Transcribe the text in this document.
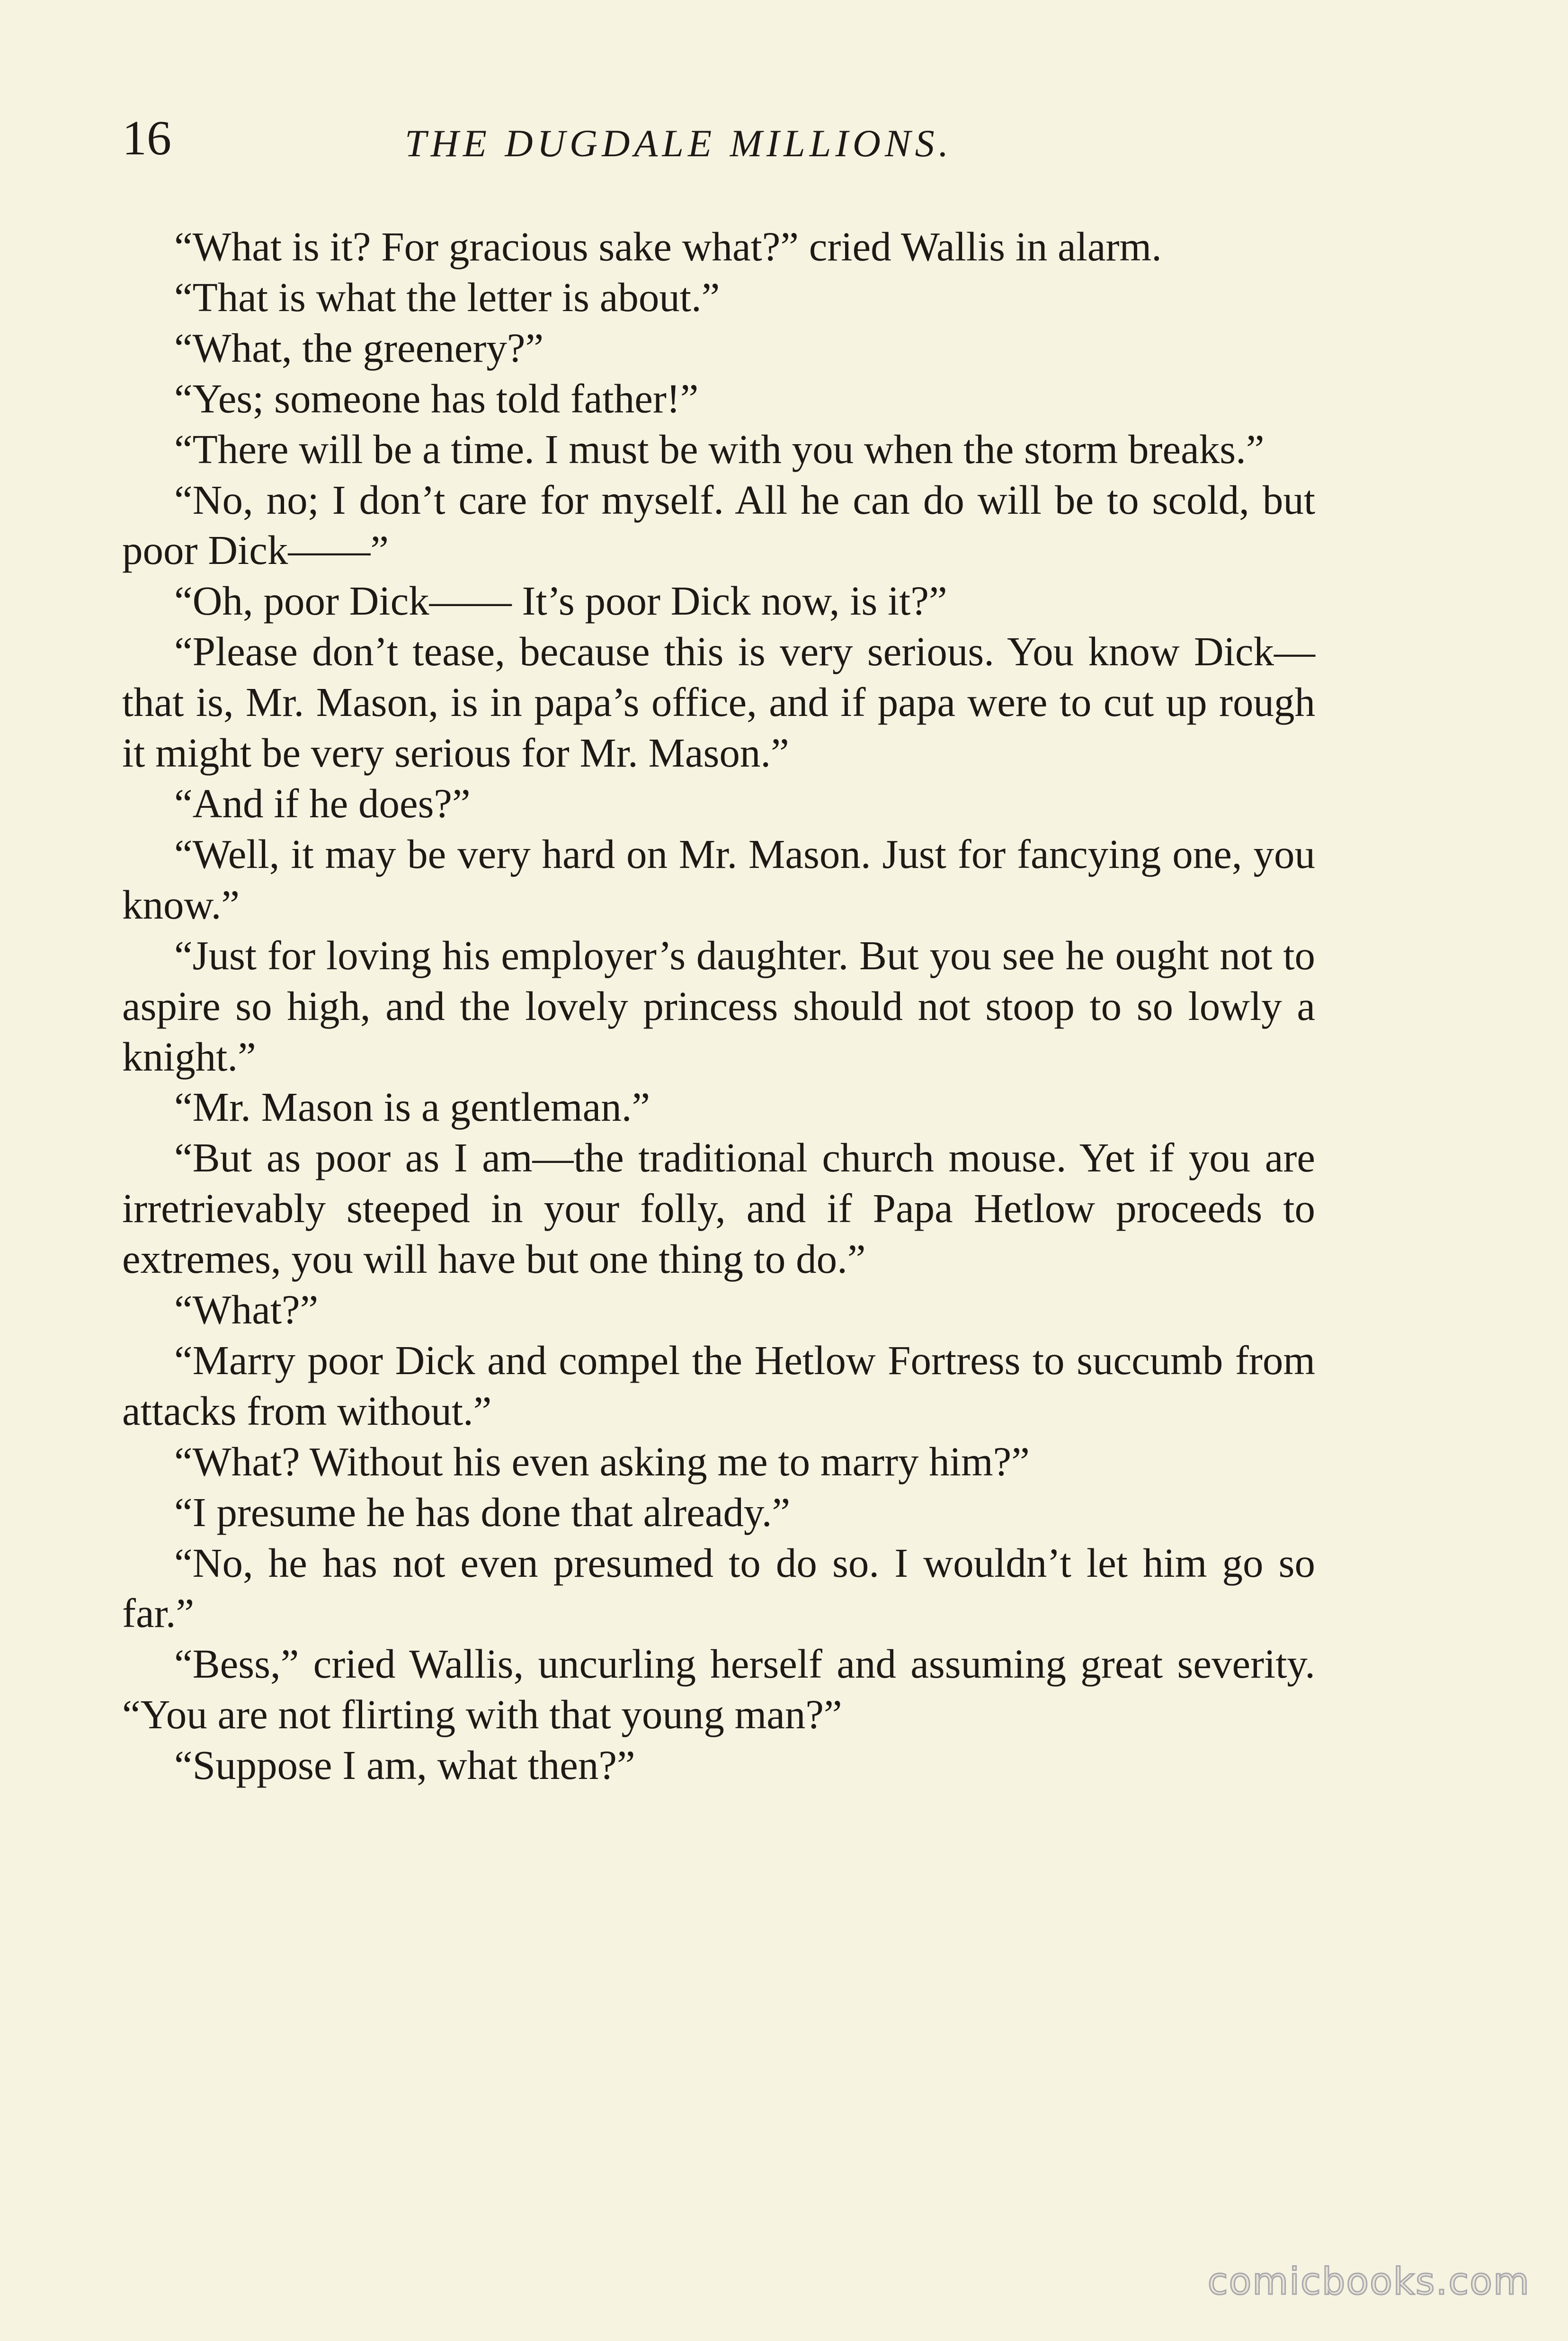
16	THE DUGDALE MILLIONS.

“What is it? For gracious sake what?” cried Wallis in alarm.

“That is what the letter is about.”

“What, the greenery?”

“Yes; someone has told father!”

“There will be a time. I must be with you when the storm breaks.”

“No, no; I don’t care for myself. All he can do will be to scold, but poor Dick——”

“Oh, poor Dick—— It’s poor Dick now, is it?”

“Please don’t tease, because this is very serious. You know Dick—that is, Mr. Mason, is in papa’s office, and if papa were to cut up rough it might be very serious for Mr. Mason.”

“And if he does?”

“Well, it may be very hard on Mr. Mason. Just for fancying one, you know.”

“Just for loving his employer’s daughter. But you see he ought not to aspire so high, and the lovely princess should not stoop to so lowly a knight.”

“Mr. Mason is a gentleman.”

“But as poor as I am—the traditional church mouse. Yet if you are irretrievably steeped in your folly, and if Papa Hetlow proceeds to extremes, you will have but one thing to do.”

“What?”

“Marry poor Dick and compel the Hetlow Fortress to succumb from attacks from without.”

“What? Without his even asking me to marry him?”

“I presume he has done that already.”

“No, he has not even presumed to do so. I wouldn’t let him go so far.”

“Bess,” cried Wallis, uncurling herself and assuming great severity. “You are not flirting with that young man?”

“Suppose I am, what then?”

comicbooks.com
